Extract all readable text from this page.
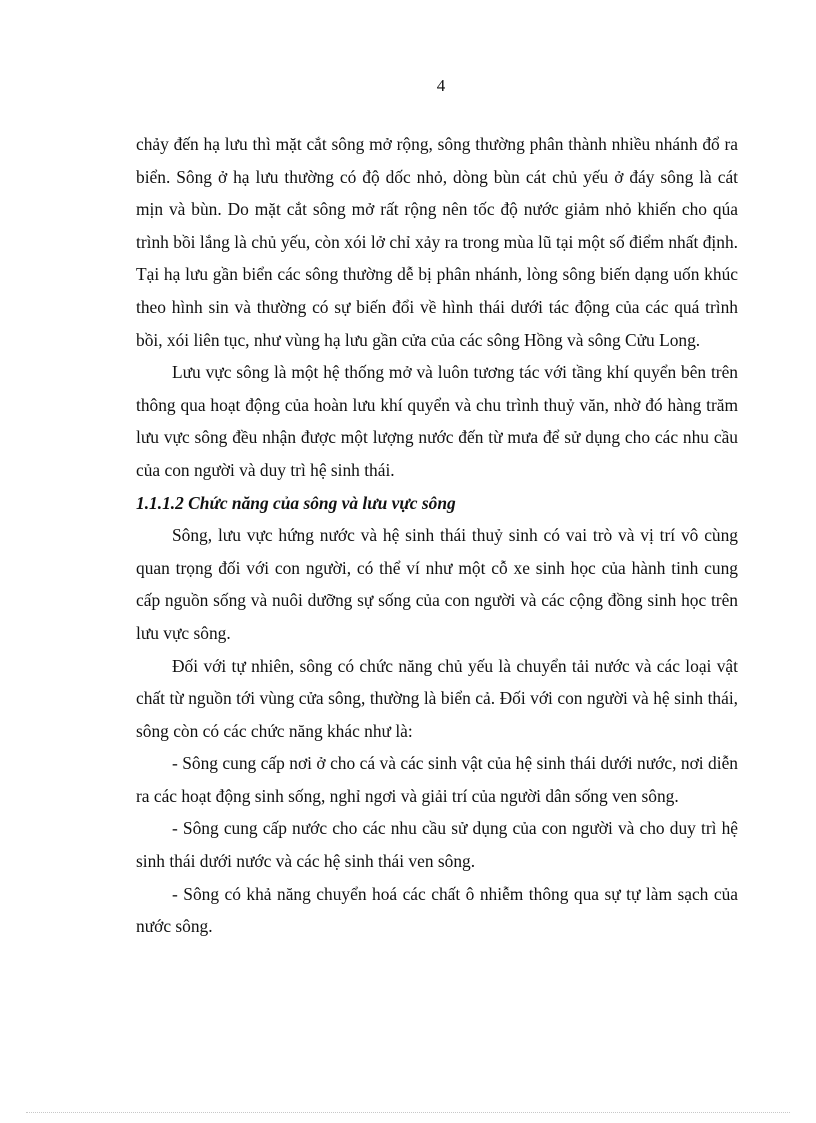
4

chảy đến hạ lưu thì mặt cắt sông mở rộng, sông thường phân thành nhiều nhánh đổ ra biển. Sông ở hạ lưu thường có độ dốc nhỏ, dòng bùn cát chủ yếu ở đáy sông là cát mịn và bùn. Do mặt cắt sông mở rất rộng nên tốc độ nước giảm nhỏ khiến cho qúa trình bồi lắng là chủ yếu, còn xói lở chỉ xảy ra trong mùa lũ tại một số điểm nhất định. Tại hạ lưu gần biển các sông thường dễ bị phân nhánh, lòng sông biến dạng uốn khúc theo hình sin và thường có sự biến đổi về hình thái dưới tác động của các quá trình bồi, xói liên tục, như vùng hạ lưu gần cửa của các sông Hồng và sông Cửu Long.

Lưu vực sông là một hệ thống mở và luôn tương tác với tầng khí quyển bên trên thông qua hoạt động của hoàn lưu khí quyển và chu trình thuỷ văn, nhờ đó hàng trăm lưu vực sông đều nhận được một lượng nước đến từ mưa để sử dụng cho các nhu cầu của con người và duy trì hệ sinh thái.

1.1.1.2 Chức năng của sông và lưu vực sông

Sông, lưu vực hứng nước và hệ sinh thái thuỷ sinh có vai trò và vị trí vô cùng quan trọng đối với con người, có thể ví như một cỗ xe sinh học của hành tinh cung cấp nguồn sống và nuôi dưỡng sự sống của con người và các cộng đồng sinh học trên lưu vực sông.

Đối với tự nhiên, sông có chức năng chủ yếu là chuyển tải nước và các loại vật chất từ nguồn tới vùng cửa sông, thường là biển cả. Đối với con người và hệ sinh thái, sông còn có các chức năng khác như là:

- Sông cung cấp nơi ở cho cá và các sinh vật của hệ sinh thái dưới nước, nơi diễn ra các hoạt động sinh sống, nghỉ ngơi và giải trí của người dân sống ven sông.

- Sông cung cấp nước cho các nhu cầu sử dụng của con người và cho duy trì hệ sinh thái dưới nước và các hệ sinh thái ven sông.

- Sông có khả năng chuyển hoá các chất ô nhiễm thông qua sự tự làm sạch của nước sông.
